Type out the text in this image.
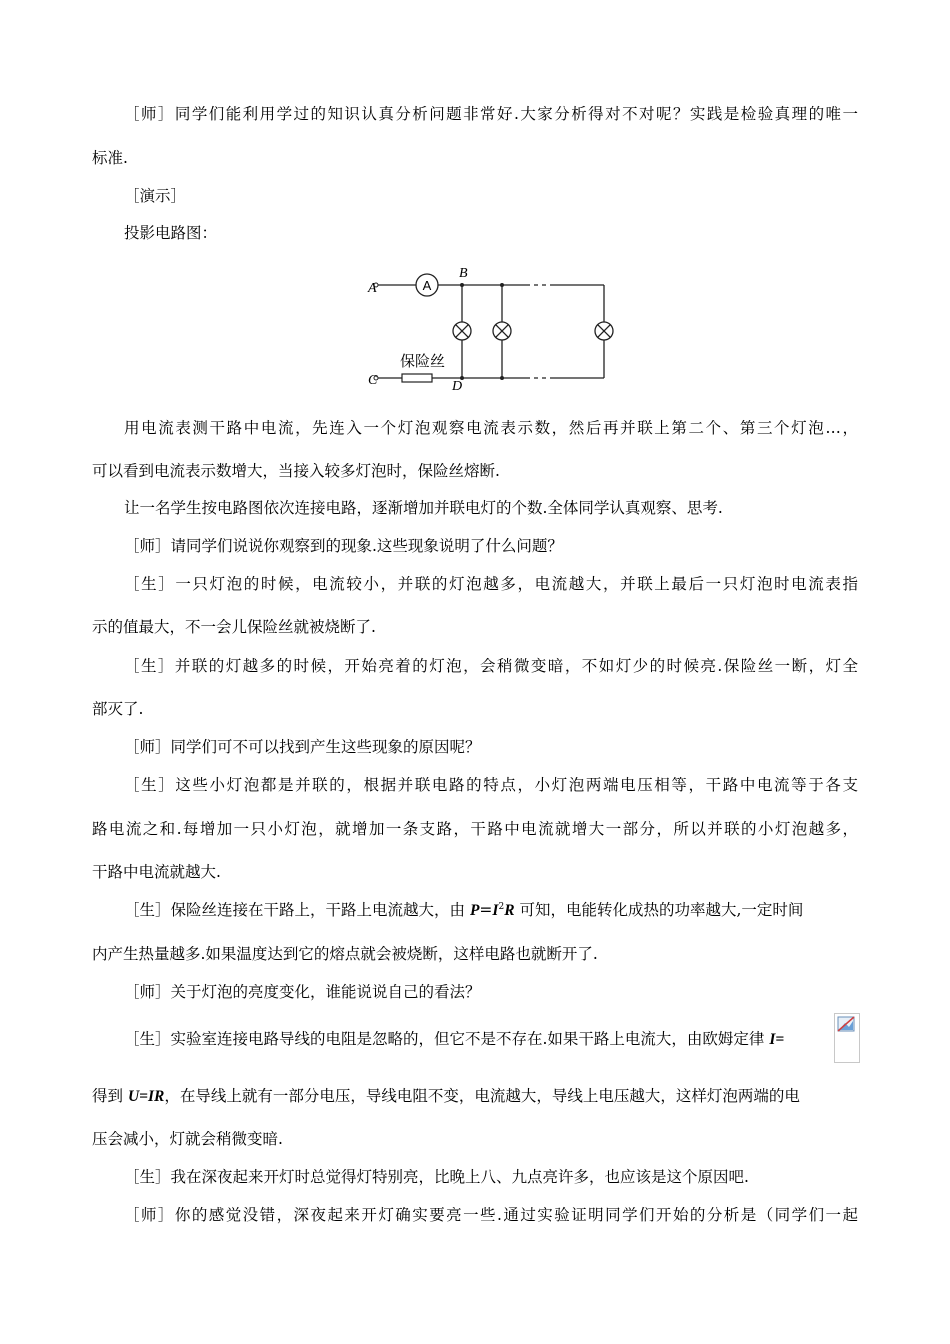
［师］同学们能利用学过的知识认真分析问题非常好.大家分析得对不对呢？实践是检验真理的唯一
标准.
［演示］
投影电路图：
A
A
B
C	D
保险丝
用电流表测干路中电流，先连入一个灯泡观察电流表示数，然后再并联上第二个、第三个灯泡…，
可以看到电流表示数增大，当接入较多灯泡时，保险丝熔断.
让一名学生按电路图依次连接电路，逐渐增加并联电灯的个数.全体同学认真观察、思考.
［师］请同学们说说你观察到的现象.这些现象说明了什么问题？
［生］一只灯泡的时候，电流较小，并联的灯泡越多，电流越大，并联上最后一只灯泡时电流表指
示的值最大，不一会儿保险丝就被烧断了.
［生］并联的灯越多的时候，开始亮着的灯泡，会稍微变暗，不如灯少的时候亮.保险丝一断，灯全
部灭了.
［师］同学们可不可以找到产生这些现象的原因呢？
［生］这些小灯泡都是并联的，根据并联电路的特点，小灯泡两端电压相等，干路中电流等于各支
路电流之和.每增加一只小灯泡，就增加一条支路，干路中电流就增大一部分，所以并联的小灯泡越多，
干路中电流就越大.
［生］保险丝连接在干路上，干路上电流越大，由 $P=I^2R$ 可知，电能转化成热的功率越大,一定时间
内产生热量越多.如果温度达到它的熔点就会被烧断，这样电路也就断开了.
［师］关于灯泡的亮度变化，谁能说说自己的看法？
［生］实验室连接电路导线的电阻是忽略的，但它不是不存在.如果干路上电流大，由欧姆定律 I=
得到 U=IR，在导线上就有一部分电压，导线电阻不变，电流越大，导线上电压越大，这样灯泡两端的电
压会减小，灯就会稍微变暗.
［生］我在深夜起来开灯时总觉得灯特别亮，比晚上八、九点亮许多，也应该是这个原因吧.
［师］你的感觉没错，深夜起来开灯确实要亮一些.通过实验证明同学们开始的分析是（同学们一起
